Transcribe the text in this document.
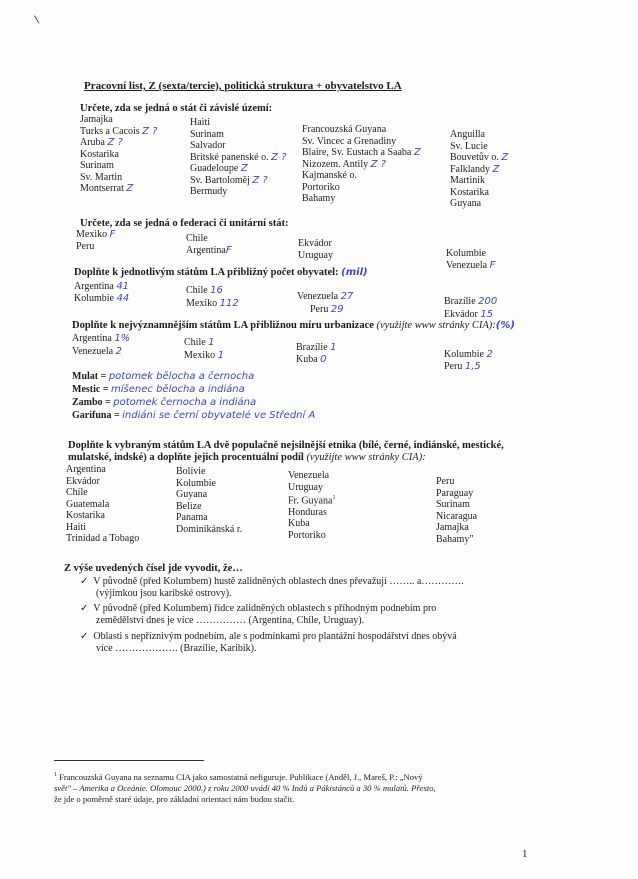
Pracovní list, Z (sexta/tercie), politická struktura + obyvatelstvo LA
Určete, zda se jedná o stát či závislé území:
Jamajka
Turks a Cacois Z ?
Aruba Z ?
Kostarika
Surinam
Sv. Martin
Montserrat Z
Haiti
Surinam
Salvador
Britské panenské o. Z ?
Guadeloupe Z
Sv. Bartoloměj Z ?
Bermudy
Francouzská Guyana
Sv. Vincec a Grenadiny
Blaire, Sv. Eustach a Saaba Z
Nizozem. Antily Z ?
Kajmanské o.
Portoriko
Bahamy
Anguilla
Sv. Lucie
Bouvetův o. Z
Falklandy Z
Martinik
Kostarika
Guyana
Určete, zda se jedná o federaci či unitární stát:
Mexiko F
Peru
Chile
ArgentinaF
Ekvádor
Uruguay	Kolumbie
Venezuela F
Doplňte k jednotlivým státům LA přibližný počet obyvatel: (mil)
Argentina 41
Kolumbie 44
Chile 16
Mexiko 112
Venezuela 27
Peru 29
Brazílie 200
Ekvádor 15
Doplňte k nejvýznamnějším státům LA přibližnou míru urbanizace (využijte www stránky CIA):(%)
Argentina 1%
Venezuela 2
Chile 1
Mexiko 1
Brazílie 1
Kuba 0	Kolumbie 2
Peru 1,5
Mulat = potomek bělocha a černocha
Mestic = míšenec bělocha a indiána
Zambo = potomek černocha a indiána
Garifuna = indiáni se černí obyvatelé ve Střední A
Doplňte k vybraným státům LA dvě populačně nejsilnější etnika (bílé, černé, indiánské, mestické,
mulatské, indské) a doplňte jejich procentuální podíl (využijte www stránky CIA):
Argentina
Ekvádor
Chile
Guatemala
Kostarika
Haiti
Trinidad a Tobago
Bolívie
Kolumbie
Guyana
Belize
Panama
Dominikánská r.
Venezuela
Uruguay
Fr. Guyana$^1$
Honduras
Kuba
Portoriko
Peru
Paraguay
Surinam
Nicaragua
Jamajka
Bahamy"
Z výše uvedených čísel jde vyvodit, že…
✓ V původně (před Kolumbem) hustě zalidněných oblastech dnes převažují …….. a………….
(výjimkou jsou karibské ostrovy).
✓ V původně (před Kolumbem) řídce zalidněných oblastech s příhodným podnebím pro
zemědělství dnes je více …………… (Argentina, Chile, Uruguay).
✓ Oblasti s nepříznivým podnebím, ale s podmínkami pro plantážní hospodářství dnes obývá
více ………………. (Brazílie, Karibik).
$^1$ Francouzská Guyana na seznamu CIA jako samostatná nefiguruje. Publikace (Anděl, J., Mareš, P.: „Nový
svět" – Amerika a Oceánie. Olomouc 2000.) z roku 2000 uvádí 40 % Indů a Pákistánců a 30 % mulatů. Přesto,
že jde o poměrně staré údaje, pro základní orientaci nám budou stačit.
1
